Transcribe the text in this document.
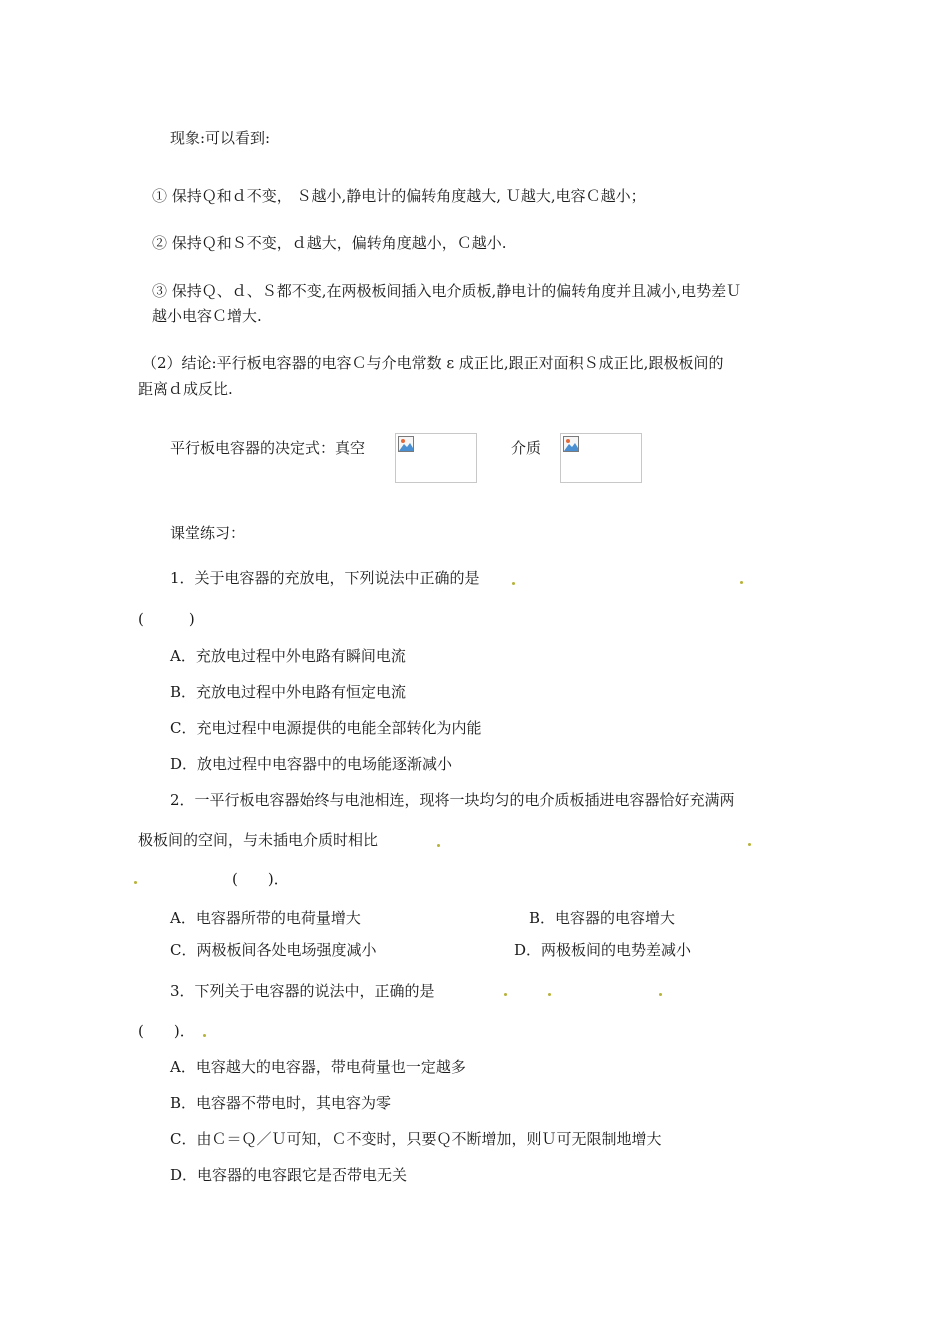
现象:可以看到:
① 保持Ｑ和ｄ不变， Ｓ越小,静电计的偏转角度越大, Ｕ越大,电容Ｃ越小；
② 保持Ｑ和Ｓ不变，ｄ越大，偏转角度越小，Ｃ越小.
③ 保持Ｑ、ｄ、Ｓ都不变,在两极板间插入电介质板,静电计的偏转角度并且减小,电势差Ｕ
越小电容Ｃ增大.
（2）结论:平行板电容器的电容Ｃ与介电常数 ε 成正比,跟正对面积Ｓ成正比,跟极板间的
距离ｄ成反比.
平行板电容器的决定式：真空	介质
课堂练习：
1．关于电容器的充放电，下列说法中正确的是
(　　　)
A．充放电过程中外电路有瞬间电流
B．充放电过程中外电路有恒定电流
C．充电过程中电源提供的电能全部转化为内能
D．放电过程中电容器中的电场能逐渐减小
2．一平行板电容器始终与电池相连，现将一块均匀的电介质板插进电容器恰好充满两
极板间的空间，与未插电介质时相比
(　　)．
A．电容器所带的电荷量增大	B．电容器的电容增大
C．两极板间各处电场强度减小	D．两极板间的电势差减小
3．下列关于电容器的说法中，正确的是
(　　)．
A．电容越大的电容器，带电荷量也一定越多
B．电容器不带电时，其电容为零
C．由Ｃ＝Ｑ／Ｕ可知，Ｃ不变时，只要Ｑ不断增加，则Ｕ可无限制地增大
D．电容器的电容跟它是否带电无关
